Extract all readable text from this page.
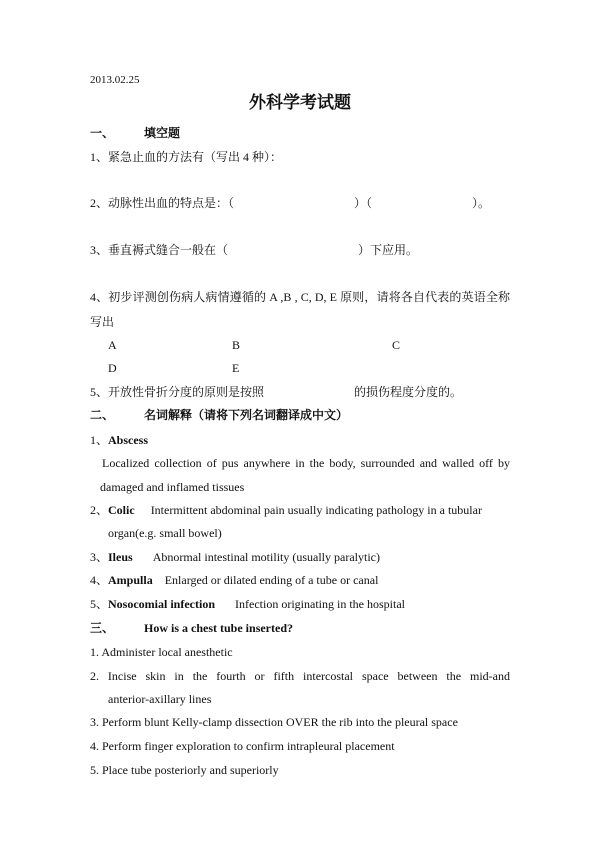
2013.02.25
外科学考试题
一、	填空题
1、紧急止血的方法有（写出 4 种）：
2、动脉性出血的特点是：（	）（	）。
3、垂直褥式缝合一般在（	）下应用。
4、初步评测创伤病人病情遵循的 A ,B , C, D, E 原则，请将各自代表的英语全称
写出
A	B	C
D	E
5、开放性骨折分度的原则是按照	的损伤程度分度的。
二、	名词解释（请将下列名词翻译成中文）
1、Abscess
Localized collection of pus anywhere in the body, surrounded and walled off by
damaged and inflamed tissues
2、Colic Intermittent abdominal pain usually indicating pathology in a tubular
organ(e.g. small bowel)
3、Ileus Abnormal intestinal motility (usually paralytic)
4、Ampulla Enlarged or dilated ending of a tube or canal
5、Nosocomial infection Infection originating in the hospital
三、	How is a chest tube inserted?
1. Administer local anesthetic
2. Incise skin in the fourth or fifth intercostal space between the mid-and
anterior-axillary lines
3. Perform blunt Kelly-clamp dissection OVER the rib into the pleural space
4. Perform finger exploration to confirm intrapleural placement
5. Place tube posteriorly and superiorly
